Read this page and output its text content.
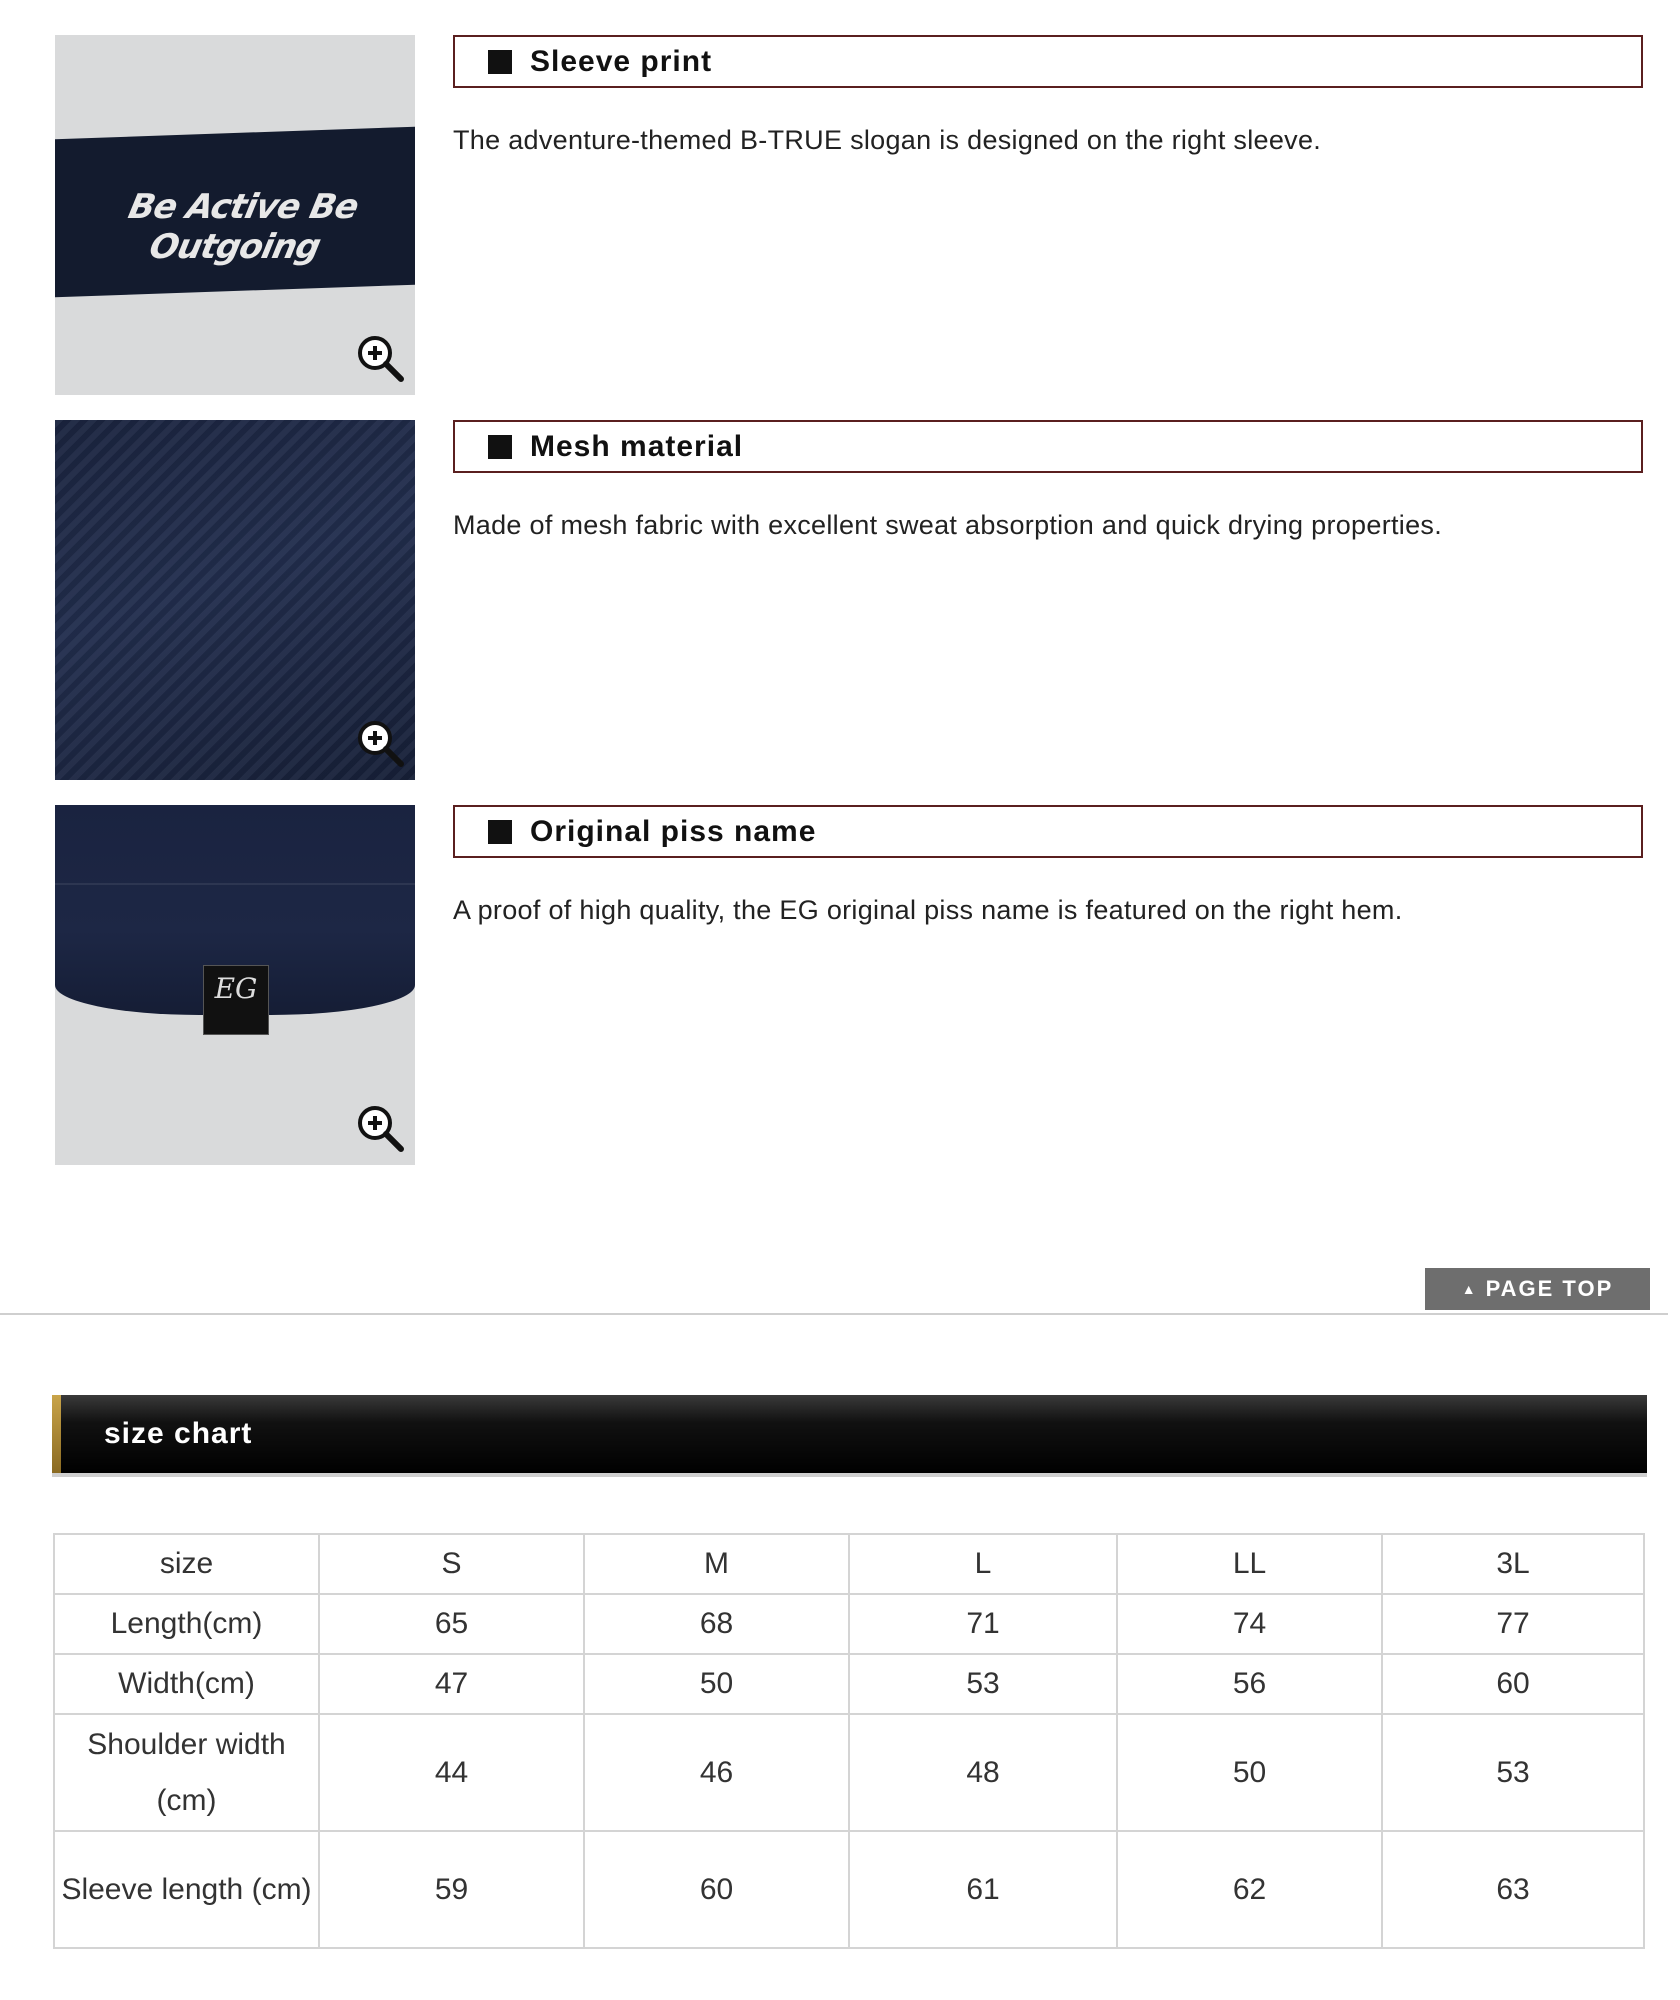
Be Active Be Outgoing
Sleeve print
The adventure-themed B-TRUE slogan is designed on the right sleeve.
Mesh material
Made of mesh fabric with excellent sweat absorption and quick drying properties.
EG
Original piss name
A proof of high quality, the EG original piss name is featured on the right hem.
▲ PAGE TOP
size chart
size	S	M	L	LL	3L
Length(cm)	65	68	71	74	77
Width(cm)	47	50	53	56	60
Shoulder width (cm)	44	46	48	50	53
Sleeve length (cm)	59	60	61	62	63
